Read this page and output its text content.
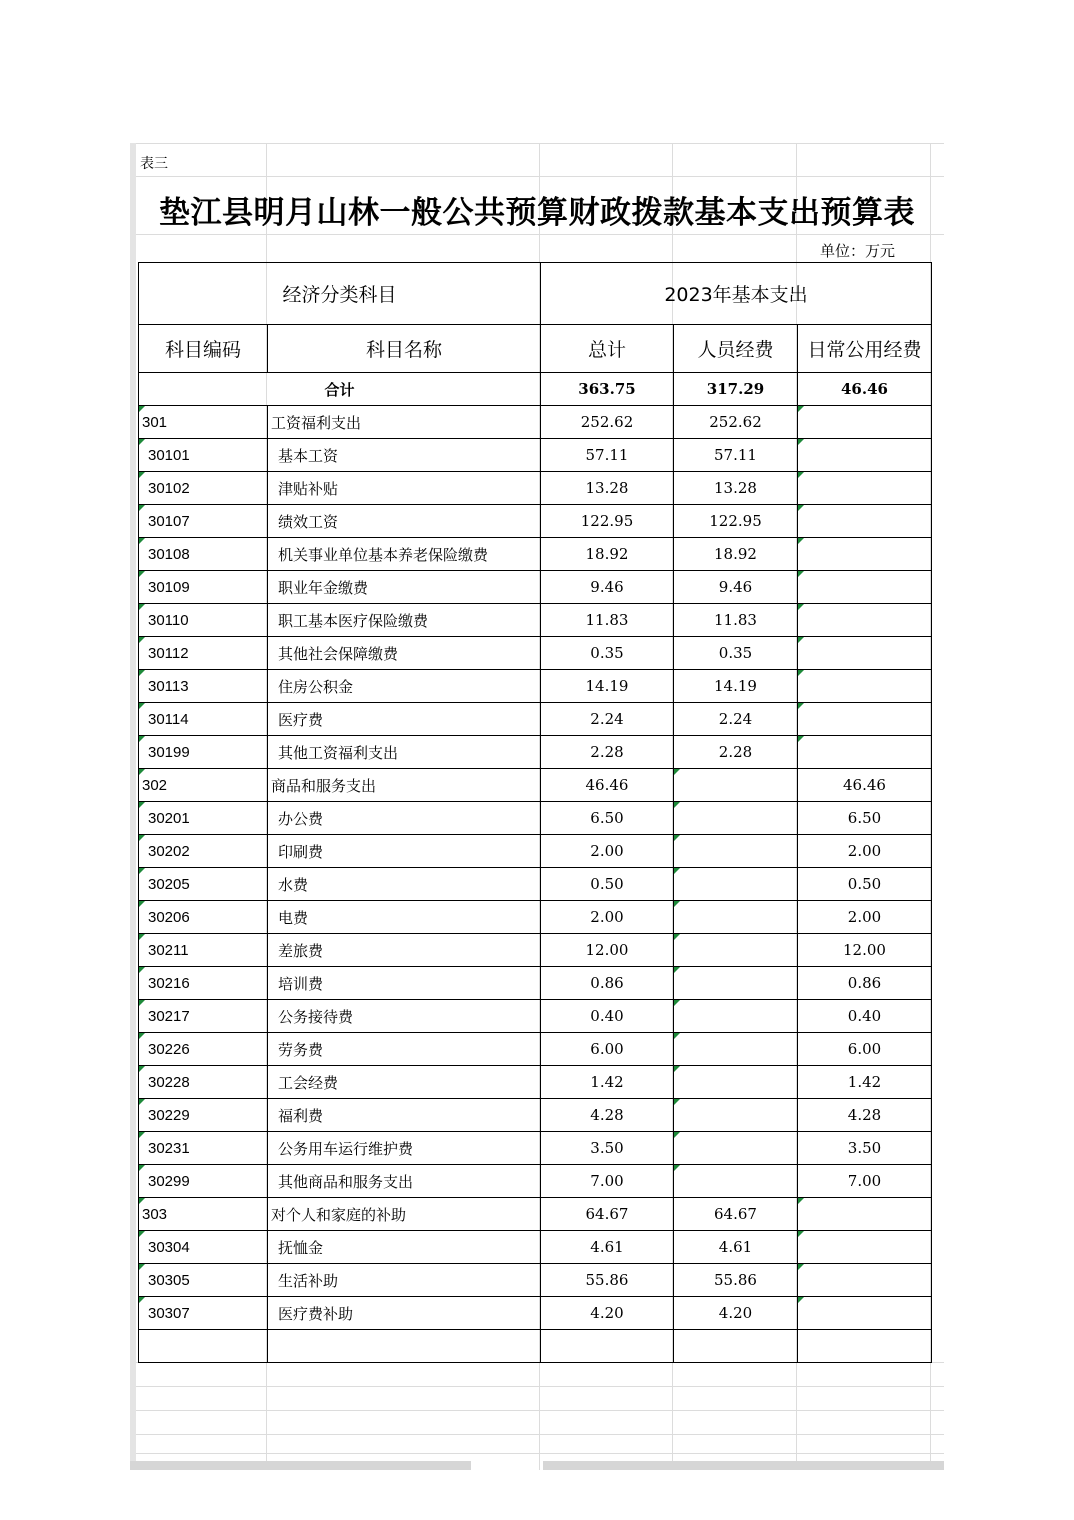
表三
垫江县明月山林一般公共预算财政拨款基本支出预算表
单位：万元
经济分类科目		2023年基本支出		
科目编码	科目名称	总计	人员经费	日常公用经费
合计		363.75	317.29	46.46
301	工资福利支出	252.62	252.62	
30101	基本工资	57.11	57.11	
30102	津贴补贴	13.28	13.28	
30107	绩效工资	122.95	122.95	
30108	机关事业单位基本养老保险缴费	18.92	18.92	
30109	职业年金缴费	9.46	9.46	
30110	职工基本医疗保险缴费	11.83	11.83	
30112	其他社会保障缴费	0.35	0.35	
30113	住房公积金	14.19	14.19	
30114	医疗费	2.24	2.24	
30199	其他工资福利支出	2.28	2.28	
302	商品和服务支出	46.46		46.46
30201	办公费	6.50		6.50
30202	印刷费	2.00		2.00
30205	水费	0.50		0.50
30206	电费	2.00		2.00
30211	差旅费	12.00		12.00
30216	培训费	0.86		0.86
30217	公务接待费	0.40		0.40
30226	劳务费	6.00		6.00
30228	工会经费	1.42		1.42
30229	福利费	4.28		4.28
30231	公务用车运行维护费	3.50		3.50
30299	其他商品和服务支出	7.00		7.00
303	对个人和家庭的补助	64.67	64.67	
30304	抚恤金	4.61	4.61	
30305	生活补助	55.86	55.86	
30307	医疗费补助	4.20	4.20	
